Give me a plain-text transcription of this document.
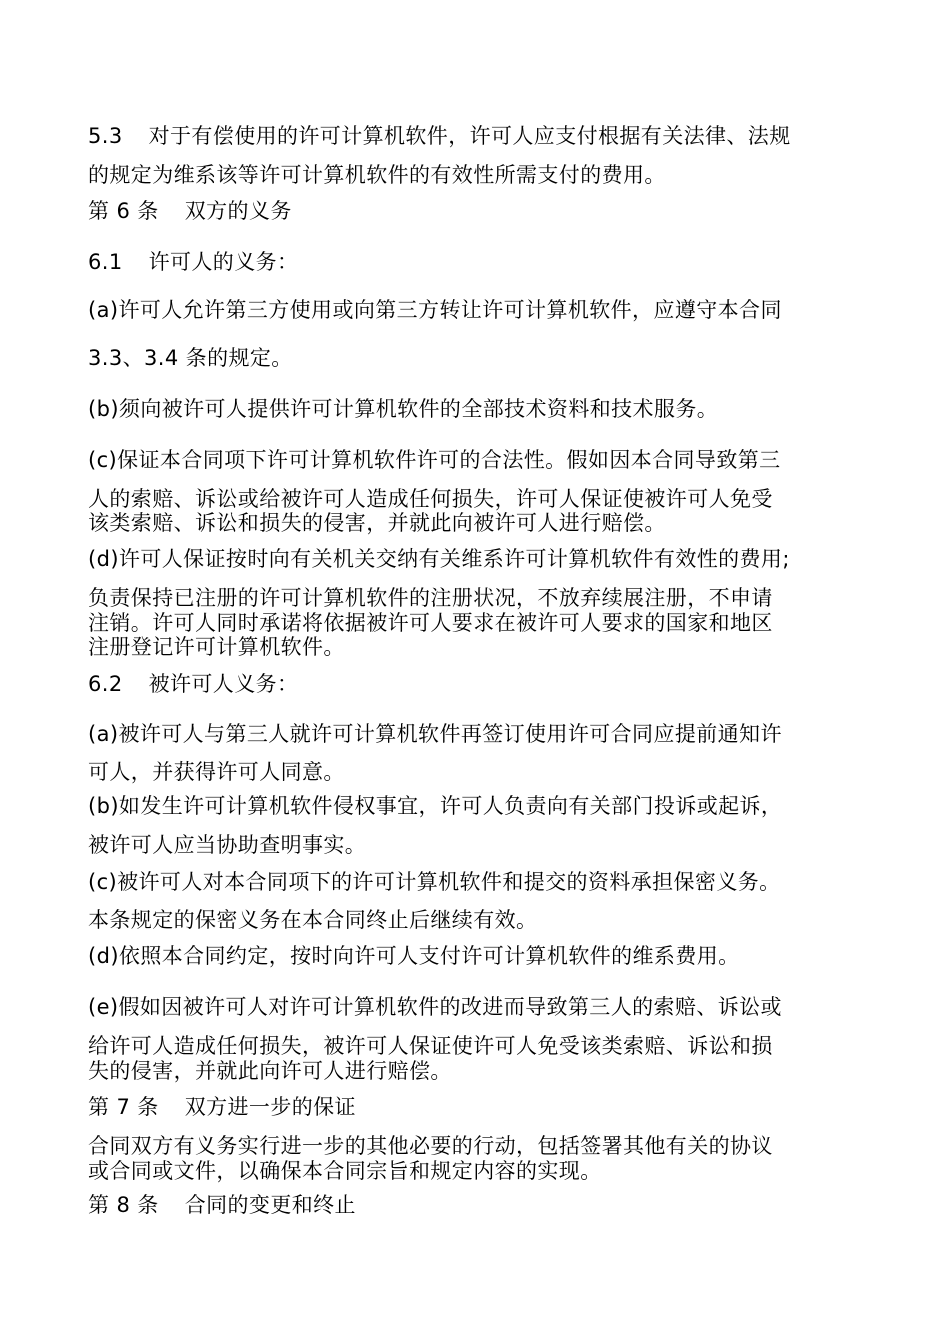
5.3 对于有偿使用的许可计算机软件，许可人应支付根据有关法律、法规
的规定为维系该等许可计算机软件的有效性所需支付的费用。
第 6 条 双方的义务
6.1 许可人的义务：
(a)许可人允许第三方使用或向第三方转让许可计算机软件，应遵守本合同
3.3、3.4 条的规定。
(b)须向被许可人提供许可计算机软件的全部技术资料和技术服务。
(c)保证本合同项下许可计算机软件许可的合法性。假如因本合同导致第三
人的索赔、诉讼或给被许可人造成任何损失，许可人保证使被许可人免受
该类索赔、诉讼和损失的侵害，并就此向被许可人进行赔偿。
(d)许可人保证按时向有关机关交纳有关维系许可计算机软件有效性的费用;
负责保持已注册的许可计算机软件的注册状况，不放弃续展注册，不申请
注销。许可人同时承诺将依据被许可人要求在被许可人要求的国家和地区
注册登记许可计算机软件。
6.2 被许可人义务：
(a)被许可人与第三人就许可计算机软件再签订使用许可合同应提前通知许
可人，并获得许可人同意。
(b)如发生许可计算机软件侵权事宜，许可人负责向有关部门投诉或起诉，
被许可人应当协助查明事实。
(c)被许可人对本合同项下的许可计算机软件和提交的资料承担保密义务。
本条规定的保密义务在本合同终止后继续有效。
(d)依照本合同约定，按时向许可人支付许可计算机软件的维系费用。
(e)假如因被许可人对许可计算机软件的改进而导致第三人的索赔、诉讼或
给许可人造成任何损失，被许可人保证使许可人免受该类索赔、诉讼和损
失的侵害，并就此向许可人进行赔偿。
第 7 条 双方进一步的保证
合同双方有义务实行进一步的其他必要的行动，包括签署其他有关的协议
或合同或文件，以确保本合同宗旨和规定内容的实现。
第 8 条 合同的变更和终止
